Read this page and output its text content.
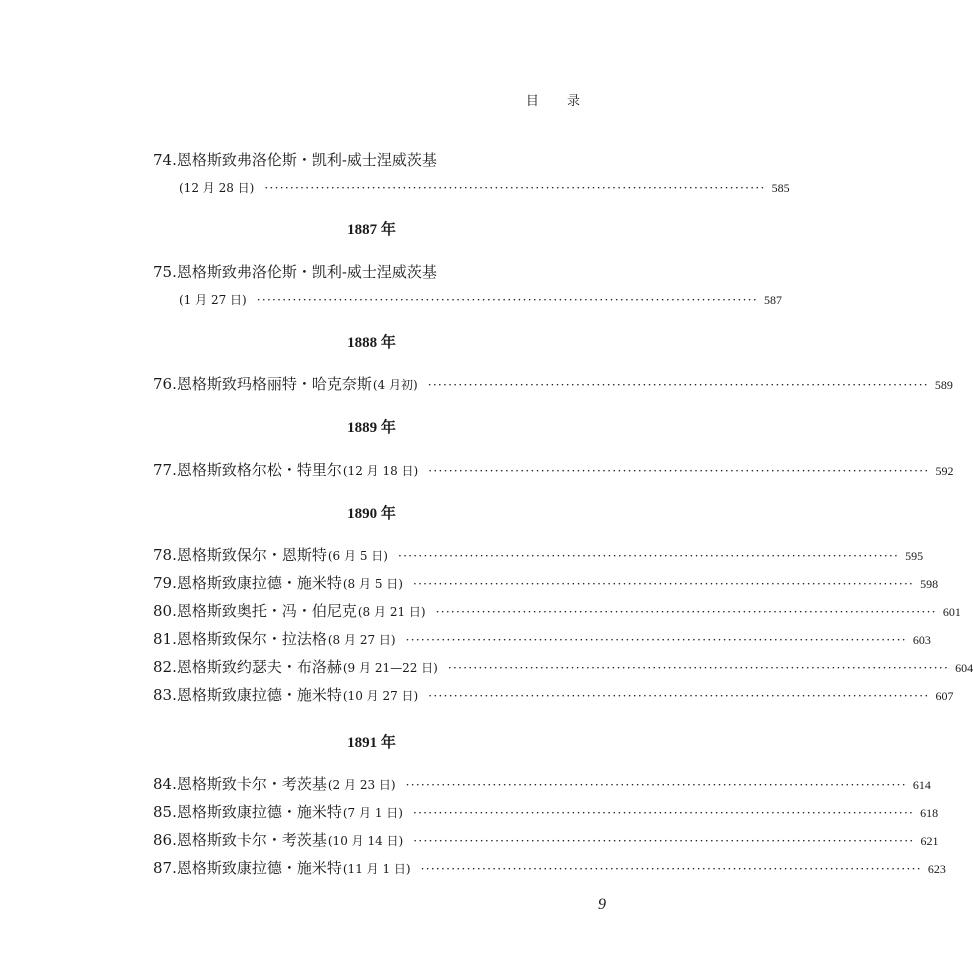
目 录
74. 恩格斯致弗洛伦斯・凯利-威士涅威茨基
(12 月 28 日) ·································································································· 585
1887 年
75. 恩格斯致弗洛伦斯・凯利-威士涅威茨基
(1 月 27 日) ·································································································· 587
1888 年
76. 恩格斯致玛格丽特・哈克奈斯 (4 月初) ·································································································· 589
1889 年
77. 恩格斯致格尔松・特里尔 (12 月 18 日) ·································································································· 592
1890 年
78. 恩格斯致保尔・恩斯特 (6 月 5 日) ·································································································· 595
79. 恩格斯致康拉德・施米特 (8 月 5 日) ·································································································· 598
80. 恩格斯致奥托・冯・伯尼克 (8 月 21 日) ·································································································· 601
81. 恩格斯致保尔・拉法格 (8 月 27 日) ·································································································· 603
82. 恩格斯致约瑟夫・布洛赫 (9 月 21—22 日) ·································································································· 604
83. 恩格斯致康拉德・施米特 (10 月 27 日) ·································································································· 607
1891 年
84. 恩格斯致卡尔・考茨基 (2 月 23 日) ·································································································· 614
85. 恩格斯致康拉德・施米特 (7 月 1 日) ·································································································· 618
86. 恩格斯致卡尔・考茨基 (10 月 14 日) ·································································································· 621
87. 恩格斯致康拉德・施米特 (11 月 1 日) ·································································································· 623
9
